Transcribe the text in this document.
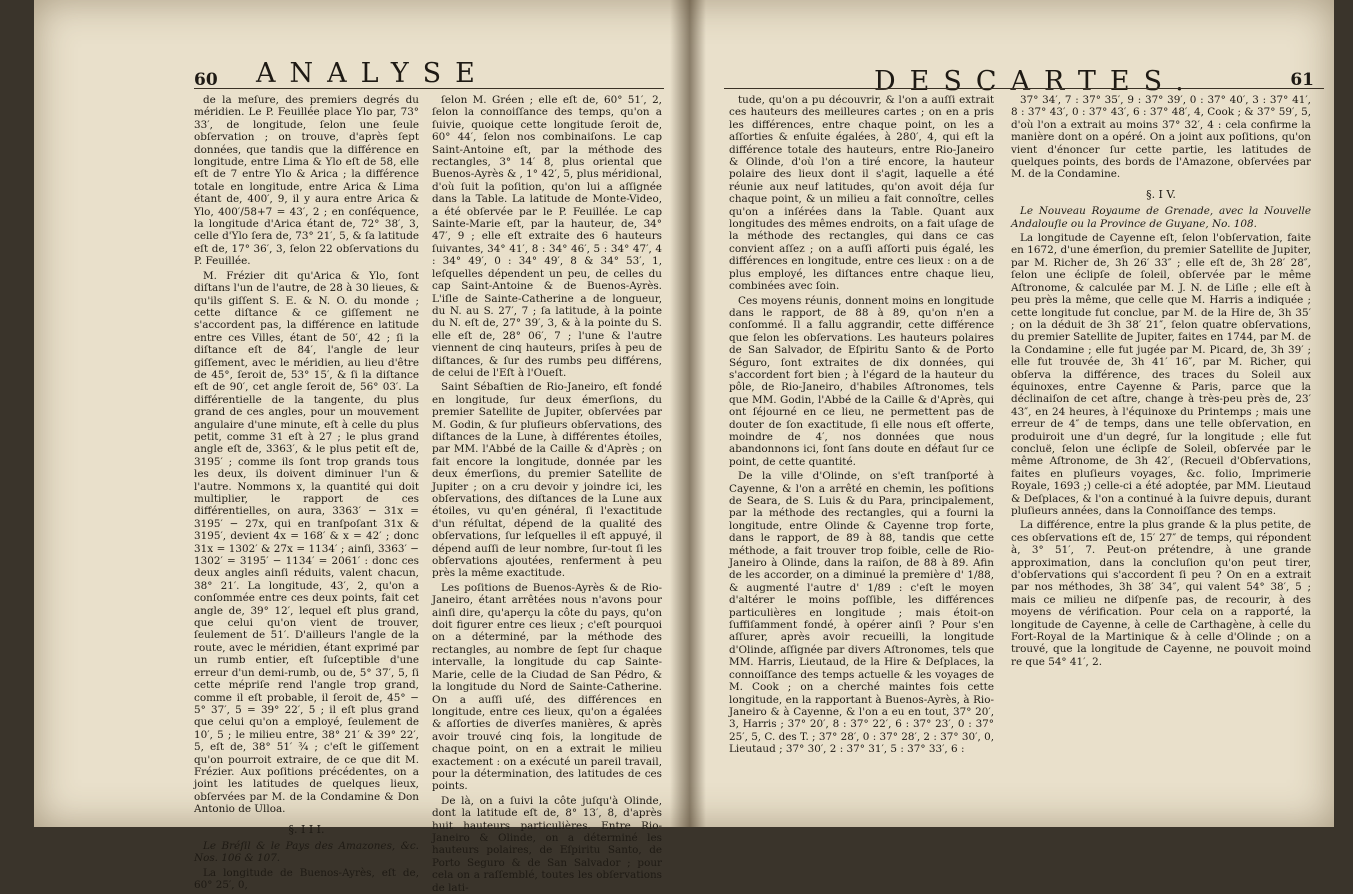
60 ANALYSE

de la meſure, des premiers degrés du méridien. Le P. Feuillée place Ylo par, 73° 33′, de longitude, ſelon une ſeule obſervation ; on trouve, d'après ſept données, que tandis que la différence en longitude, entre Lima & Ylo eſt de 58, elle eſt de 7 entre Ylo & Arica ; la différence totale en longitude, entre Arica & Lima étant de, 400′, 9, il y aura entre Arica & Ylo, 400′/58+7 = 43′, 2 ; en conſéquence, la longitude d'Arica étant de, 72° 38′, 3, celle d'Ylo ſera de, 73° 21′, 5, & ſa latitude eſt de, 17° 36′, 3, ſelon 22 obſervations du P. Feuillée.

M. Frézier dit qu'Arica & Ylo, ſont diſtans l'un de l'autre, de 28 à 30 lieues, & qu'ils giſſent S. E. & N. O. du monde ; cette diſtance & ce giſſement ne s'accordent pas, la différence en latitude entre ces Villes, étant de 50′, 42 ; ſi la diſtance eſt de 84′, l'angle de leur giſſement, avec le méridien, au lieu d'être de 45°, ſeroit de, 53° 15′, & ſi la diſtance eſt de 90′, cet angle ſeroit de, 56° 03′. La différentielle de la tangente, du plus grand de ces angles, pour un mouvement angulaire d'une minute, eſt à celle du plus petit, comme 31 eſt à 27 ; le plus grand angle eſt de, 3363′, & le plus petit eſt de, 3195′ ; comme ils ſont trop grands tous les deux, ils doivent diminuer l'un & l'autre. Nommons x, la quantité qui doit multiplier, le rapport de ces différentielles, on aura, 3363′ − 31x = 3195′ − 27x, qui en tranſpoſant 31x & 3195′, devient 4x = 168′ & x = 42′ ; donc 31x = 1302′ & 27x = 1134′ ; ainſi, 3363′ − 1302′ = 3195′ − 1134′ = 2061′ : donc ces deux angles ainſi réduits, valent chacun, 38° 21′. La longitude, 43′, 2, qu'on a conſommée entre ces deux points, fait cet angle de, 39° 12′, lequel eſt plus grand, que celui qu'on vient de trouver, ſeulement de 51′. D'ailleurs l'angle de la route, avec le méridien, étant exprimé par un rumb entier, eſt ſuſceptible d'une erreur d'un demi-rumb, ou de, 5° 37′, 5, ſi cette mépriſe rend l'angle trop grand, comme il eſt probable, il ſeroit de, 45° − 5° 37′, 5 = 39° 22′, 5 ; il eſt plus grand que celui qu'on a employé, ſeulement de 10′, 5 ; le milieu entre, 38° 21′ & 39° 22′, 5, eſt de, 38° 51′ ¾ ; c'eſt le giſſement qu'on pourroit extraire, de ce que dit M. Frézier. Aux poſitions précédentes, on a joint les latitudes de quelques lieux, obſervées par M. de la Condamine & Don Antonio de Ulloa.

§. I I I.

Le Bréſil & le Pays des Amazones, &c. Nos. 106 & 107.

La longitude de Buenos-Ayrès, eſt de, 60° 25′, 0,

ſelon M. Gréen ; elle eſt de, 60° 51′, 2, ſelon la connoiſſance des temps, qu'on a ſuivie, quoique cette longitude ſeroit de, 60° 44′, ſelon nos combinaiſons. Le cap Saint-Antoine eſt, par la méthode des rectangles, 3° 14′ 8, plus oriental que Buenos-Ayrès & , 1° 42′, 5, plus méridional, d'où ſuit la poſition, qu'on lui a aſſignée dans la Table. La latitude de Monte-Video, a été obſervée par le P. Feuillée. Le cap Sainte-Marie eſt, par la hauteur, de, 34° 47′, 9 ; elle eſt extraite des 6 hauteurs ſuivantes, 34° 41′, 8 : 34° 46′, 5 : 34° 47′, 4 : 34° 49′, 0 : 34° 49′, 8 & 34° 53′, 1, leſquelles dépendent un peu, de celles du cap Saint-Antoine & de Buenos-Ayrès. L'iſle de Sainte-Catherine a de longueur, du N. au S. 27′, 7 ; ſa latitude, à la pointe du N. eſt de, 27° 39′, 3, & à la pointe du S. elle eſt de, 28° 06′, 7 ; l'une & l'autre viennent de cinq hauteurs, priſes à peu de diſtances, & ſur des rumbs peu différens, de celui de l'Eſt à l'Oueſt.

Saint Sébaſtien de Rio-Janeiro, eſt fondé en longitude, ſur deux émerſions, du premier Satellite de Jupiter, obſervées par M. Godin, & ſur pluſieurs obſervations, des diſtances de la Lune, à différentes étoiles, par MM. l'Abbé de la Caille & d'Après ; on fait encore la longitude, donnée par les deux émerſions, du premier Satellite de Jupiter ; on a cru devoir y joindre ici, les obſervations, des diſtances de la Lune aux étoiles, vu qu'en général, ſi l'exactitude d'un réſultat, dépend de la qualité des obſervations, ſur leſquelles il eſt appuyé, il dépend auſſi de leur nombre, ſur-tout ſi les obſervations ajoutées, renferment à peu près la même exactitude.

Les poſitions de Buenos-Ayrès & de Rio-Janeiro, étant arrêtées nous n'avons pour ainſi dire, qu'aperçu la côte du pays, qu'on doit figurer entre ces lieux ; c'eſt pourquoi on a déterminé, par la méthode des rectangles, au nombre de ſept ſur chaque intervalle, la longitude du cap Sainte-Marie, celle de la Ciudad de San Pédro, & la longitude du Nord de Sainte-Catherine. On a auſſi uſé, des différences en longitude, entre ces lieux, qu'on a égalées & aſſorties de diverſes manières, & après avoir trouvé cinq fois, la longitude de chaque point, on en a extrait le milieu exactement : on a exécuté un pareil travail, pour la détermination, des latitudes de ces points.

De là, on a ſuivi la côte juſqu'à Olinde, dont la latitude eſt de, 8° 13′, 8, d'après huit hauteurs particulières. Entre Rio-Janeiro & Olinde, on a déterminé les hauteurs polaires, de Eſpiritu Santo, de Porto Seguro & de San Salvador ; pour cela on a raſſemblé, toutes les obſervations de lati-

DESCARTES.	61

tude, qu'on a pu découvrir, & l'on a auſſi extrait ces hauteurs des meilleures cartes ; on en a pris les différences, entre chaque point, on les a aſſorties & enſuite égalées, à 280′, 4, qui eſt la différence totale des hauteurs, entre Rio-Janeiro & Olinde, d'où l'on a tiré encore, la hauteur polaire des lieux dont il s'agit, laquelle a été réunie aux neuf latitudes, qu'on avoit déja ſur chaque point, & un milieu a fait connoître, celles qu'on a inſérées dans la Table. Quant aux longitudes des mêmes endroits, on a fait uſage de la méthode des rectangles, qui dans ce cas convient aſſez ; on a auſſi aſſorti puis égalé, les différences en longitude, entre ces lieux : on a de plus employé, les diſtances entre chaque lieu, combinées avec ſoin.

Ces moyens réunis, donnent moins en longitude dans le rapport, de 88 à 89, qu'on n'en a conſommé. Il a fallu aggrandir, cette différence que ſelon les obſervations. Les hauteurs polaires de San Salvador, de Eſpiritu Santo & de Porto Séguro, ſont extraites de dix données, qui s'accordent fort bien ; à l'égard de la hauteur du pôle, de Rio-Janeiro, d'habiles Aſtronomes, tels que MM. Godin, l'Abbé de la Caille & d'Après, qui ont ſéjourné en ce lieu, ne permettent pas de douter de ſon exactitude, ſi elle nous eſt offerte, moindre de 4′, nos données que nous abandonnons ici, ſont ſans doute en défaut ſur ce point, de cette quantité.

De la ville d'Olinde, on s'eſt tranſporté à Cayenne, & l'on a arrêté en chemin, les poſitions de Seara, de S. Luis & du Para, principalement, par la méthode des rectangles, qui a fourni la longitude, entre Olinde & Cayenne trop forte, dans le rapport, de 89 à 88, tandis que cette méthode, a fait trouver trop foible, celle de Rio-Janeiro à Olinde, dans la raiſon, de 88 à 89. Afin de les accorder, on a diminué la première d' 1/88, & augmenté l'autre d' 1/89 : c'eſt le moyen d'altérer le moins poſſible, les différences particulières en longitude ; mais étoit-on ſuffiſamment fondé, à opérer ainſi ? Pour s'en aſſurer, après avoir recueilli, la longitude d'Olinde, aſſignée par divers Aſtronomes, tels que MM. Harris, Lieutaud, de la Hire & Deſplaces, la connoiſſance des temps actuelle & les voyages de M. Cook ; on a cherché maintes fois cette longitude, en la rapportant à Buenos-Ayrès, à Rio-Janeiro & à Cayenne, & l'on a eu en tout, 37° 20′, 3, Harris ; 37° 20′, 8 : 37° 22′, 6 : 37° 23′, 0 : 37° 25′, 5, C. des T. ; 37° 28′, 0 : 37° 28′, 2 : 37° 30′, 0, Lieutaud ; 37° 30′, 2 : 37° 31′, 5 : 37° 33′, 6 :

37° 34′, 7 : 37° 35′, 9 : 37° 39′, 0 : 37° 40′, 3 : 37° 41′, 8 : 37° 43′, 0 : 37° 43′, 6 : 37° 48′, 4, Cook ; & 37° 59′, 5, d'où l'on a extrait au moins 37° 32′, 4 : cela confirme la manière dont on a opéré. On a joint aux poſitions, qu'on vient d'énoncer ſur cette partie, les latitudes de quelques points, des bords de l'Amazone, obſervées par M. de la Condamine.

§. I V.

Le Nouveau Royaume de Grenade, avec la Nouvelle Andalouſie ou la Province de Guyane, No. 108.

La longitude de Cayenne eſt, ſelon l'obſervation, faite en 1672, d'une émerſion, du premier Satellite de Jupiter, par M. Richer de, 3h 26′ 33″ ; elle eſt de, 3h 28′ 28″, ſelon une éclipſe de ſoleil, obſervée par le même Aſtronome, & calculée par M. J. N. de Liſle ; elle eſt à peu près la même, que celle que M. Harris a indiquée ; cette longitude fut conclue, par M. de la Hire de, 3h 35′ ; on la déduit de 3h 38′ 21″, ſelon quatre obſervations, du premier Satellite de Jupiter, faites en 1744, par M. de la Condamine ; elle fut jugée par M. Picard, de, 3h 39′ ; elle fut trouvée de, 3h 41′ 16″, par M. Richer, qui obſerva la différence, des traces du Soleil aux équinoxes, entre Cayenne & Paris, parce que la déclinaiſon de cet aſtre, change à très-peu près de, 23′ 43″, en 24 heures, à l'équinoxe du Printemps ; mais une erreur de 4″ de temps, dans une telle obſervation, en produiroit une d'un degré, ſur la longitude ; elle fut concluë, ſelon une éclipſe de Soleil, obſervée par le même Aſtronome, de 3h 42′, (Recueil d'Obſervations, faites en pluſieurs voyages, &c. folio, Imprimerie Royale, 1693 ;) celle-ci a été adoptée, par MM. Lieutaud & Deſplaces, & l'on a continué à la ſuivre depuis, durant pluſieurs années, dans la Connoiſſance des temps.

La différence, entre la plus grande & la plus petite, de ces obſervations eſt de, 15′ 27″ de temps, qui répondent à, 3° 51′, 7. Peut-on prétendre, à une grande approximation, dans la concluſion qu'on peut tirer, d'obſervations qui s'accordent ſi peu ? On en a extrait par nos méthodes, 3h 38′ 34″, qui valent 54° 38′, 5 ; mais ce milieu ne diſpenſe pas, de recourir, à des moyens de vérification. Pour cela on a rapporté, la longitude de Cayenne, à celle de Carthagène, à celle du Fort-Royal de la Martinique & à celle d'Olinde ; on a trouvé, que la longitude de Cayenne, ne pouvoit moind re que 54° 41′, 2.
